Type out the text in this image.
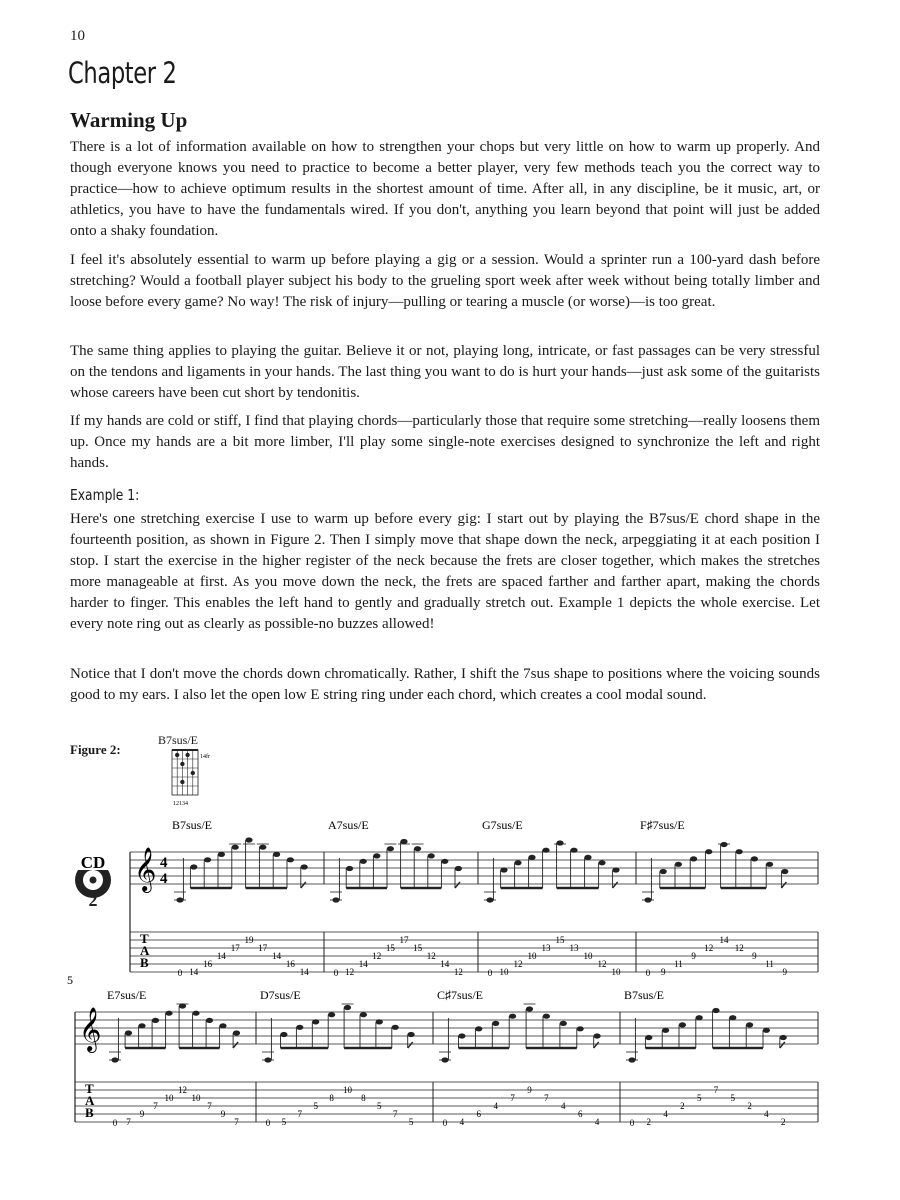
10
Chapter 2
Warming Up

There is a lot of information available on how to strengthen your chops but very little on how to warm up properly. And though everyone knows you need to practice to become a better player, very few methods teach you the correct way to practice—how to achieve optimum results in the shortest amount of time. After all, in any discipline, be it music, art, or athletics, you have to have the fundamentals wired. If you don't, anything you learn beyond that point will just be added onto a shaky foundation.

I feel it's absolutely essential to warm up before playing a gig or a session. Would a sprinter run a 100-yard dash before stretching? Would a football player subject his body to the grueling sport week after week without being totally limber and loose before every game? No way! The risk of injury—pulling or tearing a muscle (or worse)—is too great.

The same thing applies to playing the guitar. Believe it or not, playing long, intricate, or fast passages can be very stressful on the tendons and ligaments in your hands. The last thing you want to do is hurt your hands—just ask some of the guitarists whose careers have been cut short by tendonitis.

If my hands are cold or stiff, I find that playing chords—particularly those that require some stretching—really loosens them up. Once my hands are a bit more limber, I'll play some single-note exercises designed to synchronize the left and right hands.

Example 1:

Here's one stretching exercise I use to warm up before every gig: I start out by playing the B7sus/E chord shape in the fourteenth position, as shown in Figure 2. Then I simply move that shape down the neck, arpeggiating it at each position I stop. I start the exercise in the higher register of the neck because the frets are closer together, which makes the stretches more manageable at first. As you move down the neck, the frets are spaced farther and farther apart, making the chords harder to finger. This enables the left hand to gently and gradually stretch out. Example 1 depicts the whole exercise. Let every note ring out as clearly as possible-no buzzes allowed!

Notice that I don't move the chords down chromatically. Rather, I shift the 7sus shape to positions where the voicing sounds good to my ears. I also let the open low E string ring under each chord, which creates a cool modal sound.

Figure 2:
B7sus/E
14fr
12134
CD
2
𝄞 4
4
T
A
B
B7sus/E
0 14
16
14
17
19
17
14
16
14
A7sus/E
0 12
14
12
15
17
15
12
14
12
G7sus/E
0 10
12
10
13
15
13
10
12
10
F♯7sus/E
0 9
11
9
12
14
12
9
11
9
𝄞
5
T
A
B
E7sus/E
0 7
9
7
10
12
10
7
9
7
D7sus/E
0 5
7
5
8
10
8
5
7
5
C♯7sus/E
0 4
6
4
7
9
7
4
6
4
B7sus/E
0 2
4
2
5
7
5
2
4
2
